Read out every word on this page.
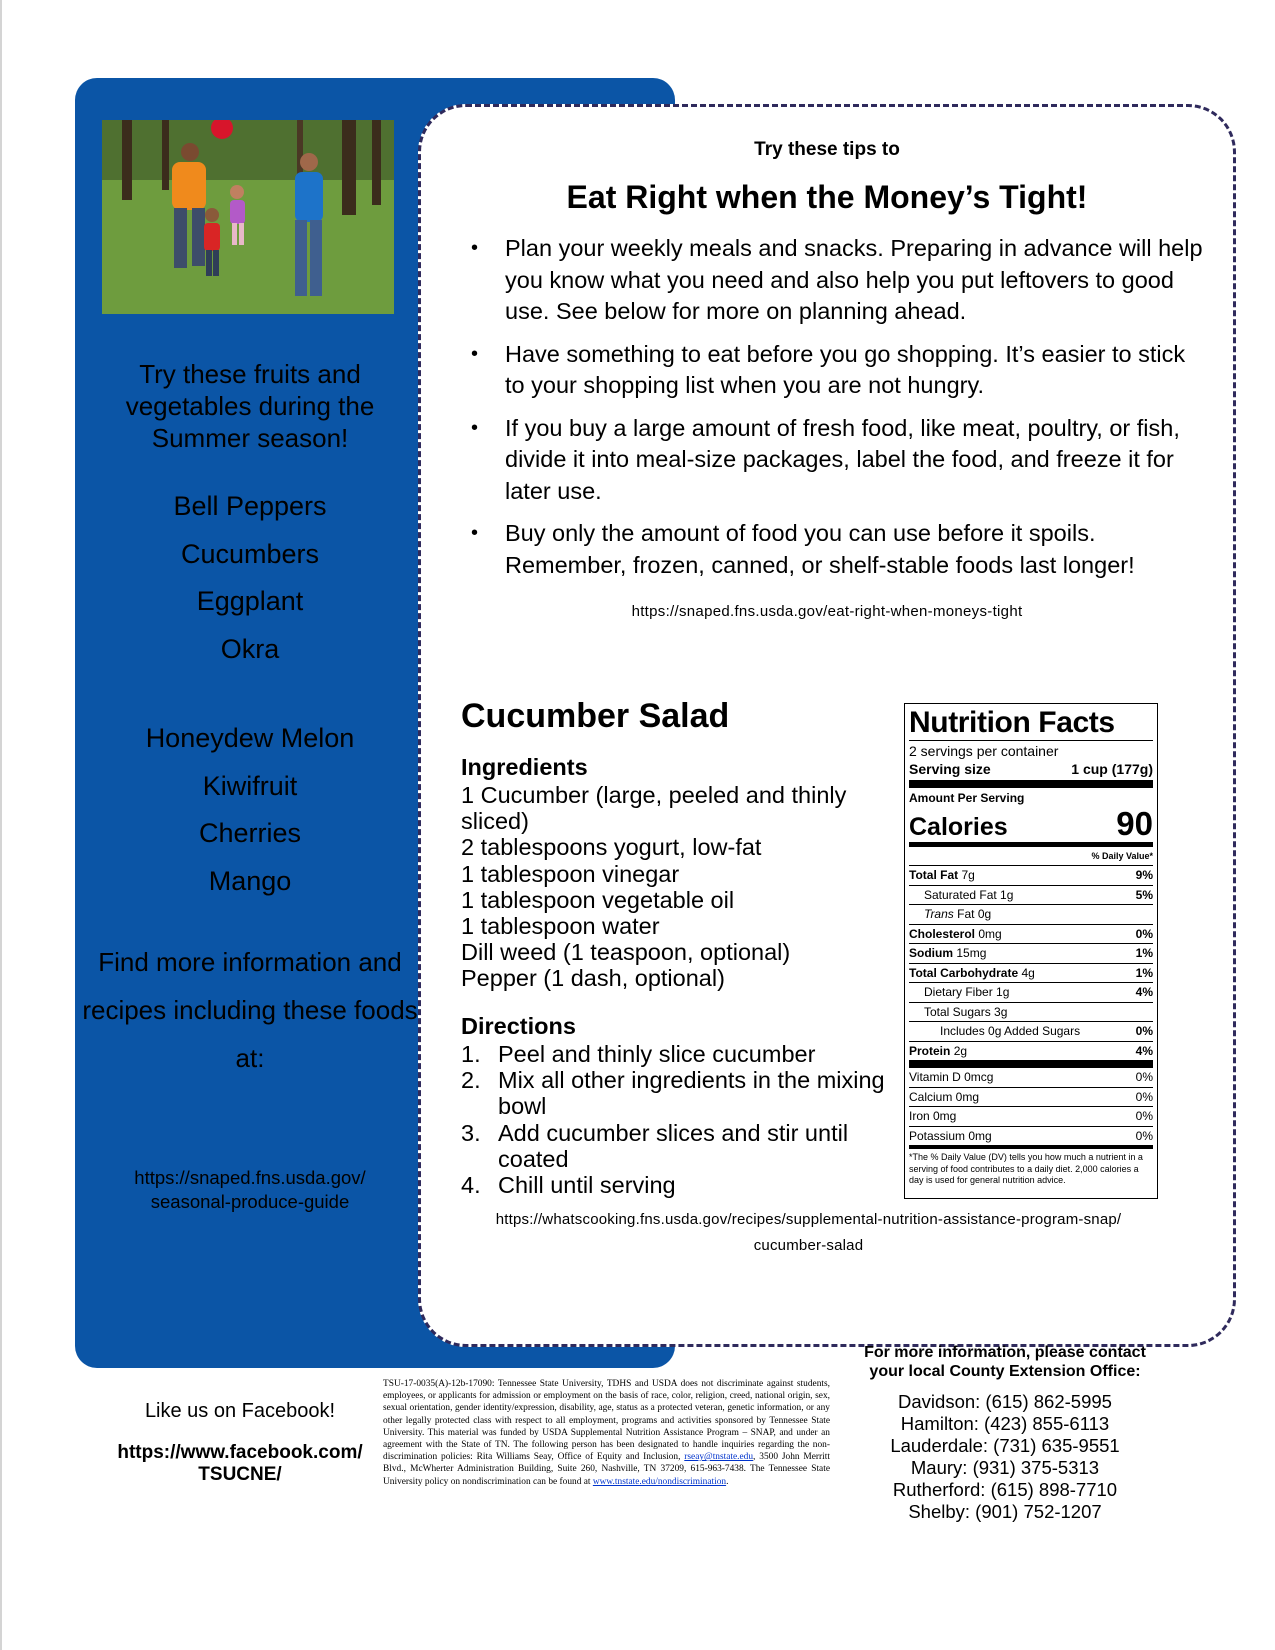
Try these fruits and vegetables during the Summer season!
Bell Peppers
Cucumbers
Eggplant
Okra
Honeydew Melon
Kiwifruit
Cherries
Mango
Find more information and recipes including these foods at:
https://snaped.fns.usda.gov/
seasonal-produce-guide
Try these tips to
Eat Right when the Money’s Tight!
• Plan your weekly meals and snacks. Preparing in advance will help you know what you need and also help you put leftovers to good use. See below for more on planning ahead.
• Have something to eat before you go shopping. It’s easier to stick to your shopping list when you are not hungry.
• If you buy a large amount of fresh food, like meat, poultry, or fish, divide it into meal-size packages, label the food, and freeze it for later use.
• Buy only the amount of food you can use before it spoils. Remember, frozen, canned, or shelf-stable foods last longer!
https://snaped.fns.usda.gov/eat-right-when-moneys-tight
Cucumber Salad
Ingredients
1 Cucumber (large, peeled and thinly sliced)
2 tablespoons yogurt, low-fat
1 tablespoon vinegar
1 tablespoon vegetable oil
1 tablespoon water
Dill weed (1 teaspoon, optional)
Pepper (1 dash, optional)
Directions
1. Peel and thinly slice cucumber
2. Mix all other ingredients in the mixing bowl
3. Add cucumber slices and stir until coated
4. Chill until serving
https://whatscooking.fns.usda.gov/recipes/supplemental-nutrition-assistance-program-snap/
cucumber-salad
Nutrition Facts
2 servings per container
Serving size	1 cup (177g)
Amount Per Serving
Calories	90
% Daily Value*
Total Fat 7g	9%
Saturated Fat 1g	5%
Trans Fat 0g
Cholesterol 0mg	0%
Sodium 15mg	1%
Total Carbohydrate 4g	1%
Dietary Fiber 1g	4%
Total Sugars 3g
Includes 0g Added Sugars	0%
Protein 2g	4%
Vitamin D 0mcg	0%
Calcium 0mg	0%
Iron 0mg	0%
Potassium 0mg	0%
*The % Daily Value (DV) tells you how much a nutrient in a serving of food contributes to a daily diet. 2,000 calories a day is used for general nutrition advice.
Like us on Facebook!
https://www.facebook.com/
TSUCNE/
TSU-17-0035(A)-12b-17090: Tennessee State University, TDHS and USDA does not discriminate against students, employees, or applicants for admission or employment on the basis of race, color, religion, creed, national origin, sex, sexual orientation, gender identity/expression, disability, age, status as a protected veteran, genetic information, or any other legally protected class with respect to all employment, programs and activities sponsored by Tennessee State University. This material was funded by USDA Supplemental Nutrition Assistance Program – SNAP, and under an agreement with the State of TN. The following person has been designated to handle inquiries regarding the non-discrimination policies: Rita Williams Seay, Office of Equity and Inclusion, rseay@tnstate.edu, 3500 John Merritt Blvd., McWherter Administration Building, Suite 260, Nashville, TN 37209, 615-963-7438. The Tennessee State University policy on nondiscrimination can be found at www.tnstate.edu/nondiscrimination.
For more information, please contact
your local County Extension Office:
Davidson: (615) 862-5995
Hamilton: (423) 855-6113
Lauderdale: (731) 635-9551
Maury: (931) 375-5313
Rutherford: (615) 898-7710
Shelby: (901) 752-1207
